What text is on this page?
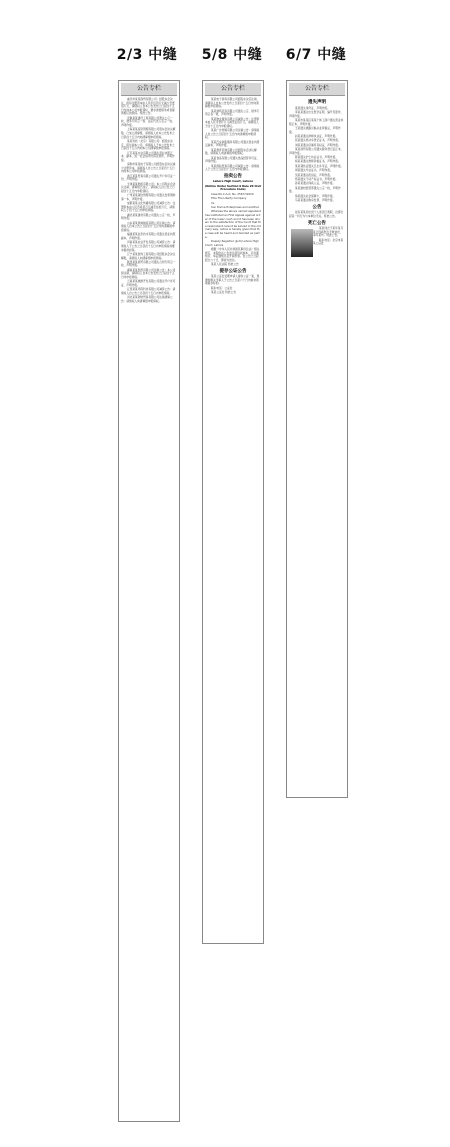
2/3 中缝	5/8 中缝	6/7 中缝
公告专栏

重庆市某某商贸有限公司：经股东会决议，拟将注册资本由人民币伍佰万元减少至壹佰万元，请债权人自本公告发布之日起四十五日内向本公司申报债权，要求清偿债务或者提供相应的担保。特此公告。

安徽某某建设工程有限公司遗失公章一枚、财务专用章一枚、法定代表人名章一枚，声明作废。

上海某某投资管理有限公司股东会决议解散，已成立清算组，请债权人自本公告发布之日起四十五日内向清算组申报债权。

某某科技（北京）有限公司：经股东决定，拟注销本公司，请债权人于本公告发布之日起四十五日内向本公司清算组申报债权。

江苏某某实业有限公司遗失营业执照正本、副本，统一社会信用代码见原件，声明作废。

深圳市某某电子有限公司经股东会决议减少注册资本，请债权人自公告之日起四十五日内向本公司申报债权。

浙江某某贸易有限公司遗失开户许可证一份，声明作废。

天津某某物流有限公司：本公司股东会决议注销，清算组已成立，请债权人自公告之日起四十五日内申报债权。

广州某某餐饮管理有限公司遗失发票领购簿一本，声明作废。

成都某某文化传播有限公司减资公告：注册资本由人民币贰佰万元减至伍拾万元，请债权人于四十五日内申报债权。

湖北某某建材有限公司遗失公章一枚，声明作废。

山东某某机械制造有限公司注销公告：请债权人自本公告之日起四十五日内向清算组申报债权。

福建某某信息技术有限公司遗失营业执照副本，声明作废。

河南某某农业开发有限公司减资公告：请债权人于公告之日起四十五日内申报债权或要求提供担保。

辽宁某某装饰工程有限公司经股东会决议解散，请债权人向清算组申报债权。

陕西某某商贸有限公司遗失合同专用章一枚，声明作废。

湖南某某医药有限公司注销公告：本公司拟注销，请债权人自本公告发布之日起四十五日内申报债权。

云南某某旅游开发有限公司遗失开户许可证，声明作废。

江西某某环保科技有限公司减资公告：请债权人自公告之日起四十五日内申报债权。

河北某某钢材贸易有限公司注销清算公告：请债权人向清算组申报债权。

公告专栏

某某电子商务有限公司经股东决定注销，请债权人自本公告发布之日起四十五日内向清算组申报债权。

某某建筑劳务有限公司遗失公章、财务专用章各一枚，声明作废。

某某物业服务有限公司减资公告：注册资本由人民币壹仟万元减至伍佰万元，请债权人于四十五日内申报债权。

某某广告传媒有限公司注销公告：请债权人自公告之日起四十五日内向清算组申报债权。

某某汽车销售服务有限公司遗失营业执照正副本，声明作废。

某某教育咨询有限公司经股东会决议解散，请债权人向清算组申报债权。

某某食品有限公司遗失食品经营许可证，声明作废。

某某国际贸易有限公司减资公告：请债权人于公告之日起四十五日内申报债权。

拍卖公告

Lahore High Court, Lahore

(Notice Under Section 9 Rule 20 Civil Procedure Code)

Case No.C.A.O. No. 25677/2020

Title The Liberty Company

Vs

Sun Divine Enterprises and another.

Whereas the above named appellant has instituted an First Appeal against order of the lower court and it has been shown to the satisfaction of the Court that the respondent cannot be served in the ordinary way, notice is hereby given that the case will be heard and decided ex parte.

Deputy Registrar (Judl) Lahore High Court, Lahore

根据《中华人民共和国民事诉讼法》相关规定，本院依法公告送达起诉状副本、应诉通知书、举证通知书及开庭传票。自公告之日起经过六十日，即视为送达。

某某人民法院 特此公告

提存公证公告

某某公证处受理申请人提存公证一案，现通知相关当事人于公告之日起六十日内前来领取提存标的。

联系电话：公证处

某某公证处 特此公告

公告专栏
遗失声明

姜某遗失身份证，声明作废。

李某某遗失出生医学证明，编号见原件，声明作废。

某某市某某区某某个体工商户遗失营业执照正本，声明作废。

王某遗失道路运输从业资格证，声明作废。

赵某某遗失律师执业证，声明作废。

张某遗失机动车登记证书，声明作废。

刘某某遗失房屋所有权证，声明作废。

某某商贸有限公司遗失税务登记证正本，声明作废。

陈某遗失护士执业证书，声明作废。

杨某某遗失教师资格证书，声明作废。

某某餐饮店遗失卫生许可证，声明作废。

周某遗失毕业证书，声明作废。

吴某某遗失报到证，声明作废。

郑某遗失不动产权证书，声明作废。

孙某某遗失残疾人证，声明作废。

某某建材经营部遗失公章一枚，声明作废。

徐某遗失社会保障卡，声明作废。

马某某遗失购房发票，声明作废。

公告

兹有某某同志因个人原因已离职，自即日起其一切行为与本单位无关。特此公告。

死亡公告

某某同志于某年某月某日因病医治无效逝世，享年某岁。特此公告。

联系电话：北京市某某公证处
